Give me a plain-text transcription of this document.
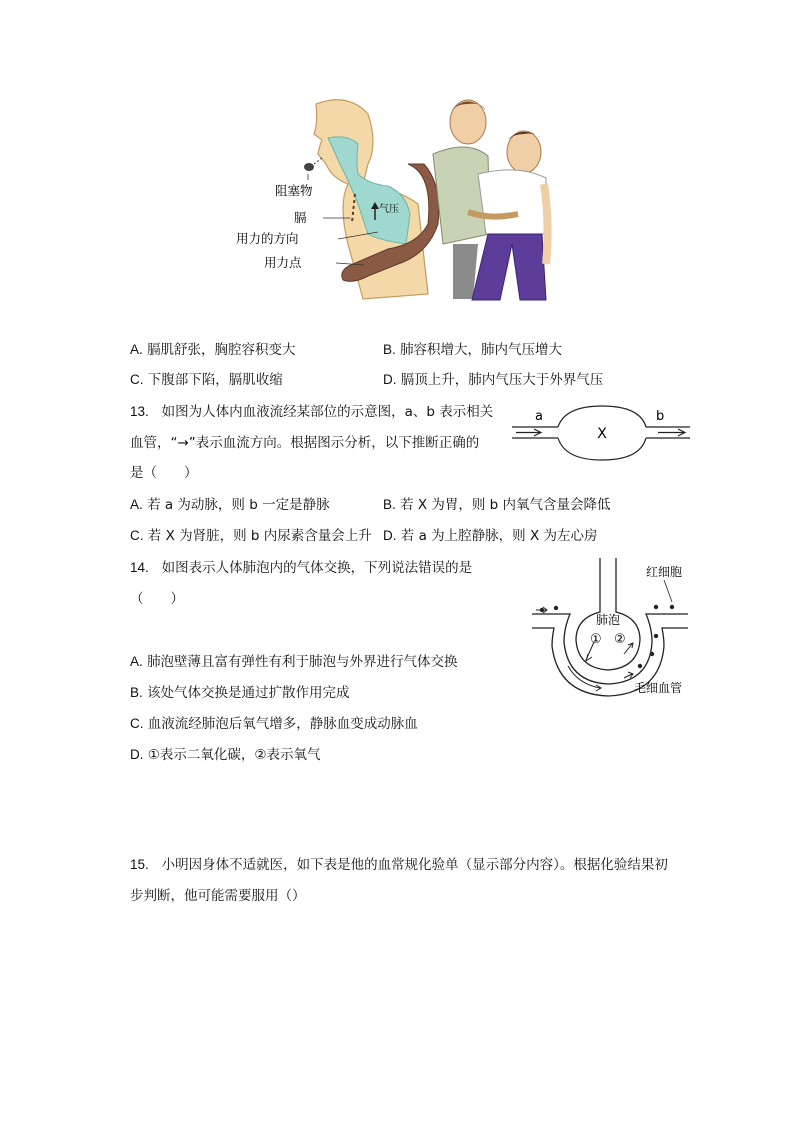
气压
阻塞物
膈
用力的方向
用力点
A. 膈肌舒张，胸腔容积变大	B. 肺容积增大，肺内气压增大
C. 下腹部下陷，膈肌收缩	D. 膈顶上升，肺内气压大于外界气压
13. 如图为人体内血液流经某部位的示意图，a、b 表示相关
血管，“→”表示血流方向。根据图示分析，以下推断正确的
是（　　）
a	b
X
A. 若 a 为动脉，则 b 一定是静脉	B. 若 X 为胃，则 b 内氧气含量会降低
C. 若 X 为肾脏，则 b 内尿素含量会上升 D. 若 a 为上腔静脉，则 X 为左心房
14. 如图表示人体肺泡内的气体交换，下列说法错误的是
（　　）
肺泡
① ②
红细胞
毛细血管
A. 肺泡壁薄且富有弹性有利于肺泡与外界进行气体交换
B. 该处气体交换是通过扩散作用完成
C. 血液流经肺泡后氧气增多，静脉血变成动脉血
D. ①表示二氧化碳，②表示氧气
15. 小明因身体不适就医，如下表是他的血常规化验单（显示部分内容）。根据化验结果初
步判断，他可能需要服用（）
